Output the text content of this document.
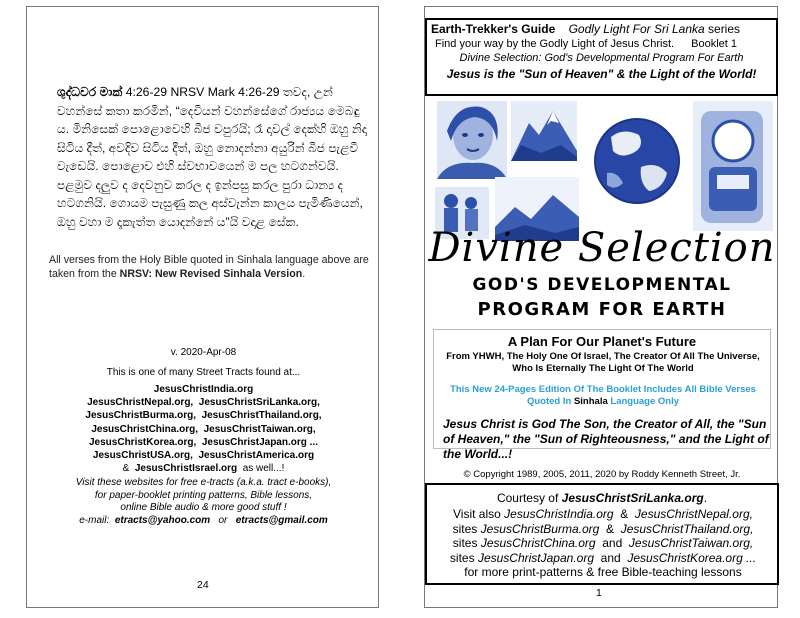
ශුද්ධවර මාක් 4:26-29 NRSV Mark 4:26-29 තවද, උන් වහන්සේ කතා කරමින්, “දෙවියන් වහන්සේගේ රාජ්‍යය මෙබඳු ය. මිනිසෙක් පොළොවෙහි බීජ වපුරයි; රෑ දාවල් දෙක්හි ඔහු නිදා සිටිය දීත්, අවදිව සිටිය දීත්, ඔහු නොදන්නා අයුරින් බීජ පැළවී වැඩෙයි. පොළොව එහි ස්වභාවයෙන් ම පල හටගන්වයි. පළමුව දලුව ද දෙවනුව කරල ද ඉන්පසු කරල පුරා ධාන්‍ය ද හටගනියි. ගොයම පැසුණු කල අස්වැන්න කාලය පැමිණියෙන්, ඔහු වහා ම දෑකැත්ත යොදන්නේ ය”යි වදාළ සේක.
All verses from the Holy Bible quoted in Sinhala language above are taken from the NRSV: New Revised Sinhala Version.
v. 2020-Apr-08
This is one of many Street Tracts found at...
JesusChristIndia.org
JesusChristNepal.org, JesusChristSriLanka.org,
JesusChristBurma.org, JesusChristThailand.org,
JesusChristChina.org, JesusChristTaiwan.org,
JesusChristKorea.org, JesusChristJapan.org ...
JesusChristUSA.org, JesusChristAmerica.org
& JesusChristIsrael.org as well...!
Visit these websites for free e-tracts (a.k.a. tract e-books),
for paper-booklet printing patterns, Bible lessons,
online Bible audio & more good stuff !
e-mail: etracts@yahoo.com or etracts@gmail.com
24
Earth-Trekker's Guide Godly Light For Sri Lanka series
Find your way by the Godly Light of Jesus Christ. Booklet 1
Divine Selection: God's Developmental Program For Earth
Jesus is the "Sun of Heaven" & the Light of the World!
Divine Selection
GOD'S DEVELOPMENTAL
PROGRAM FOR EARTH
A Plan For Our Planet's Future
From YHWH, The Holy One Of Israel, The Creator Of All The Universe, Who Is Eternally The Light Of The World
This New 24-Pages Edition Of The Booklet Includes All Bible Verses Quoted In Sinhala Language Only
Jesus Christ is God The Son, the Creator of All, the "Sun of Heaven," the "Sun of Righteousness," and the Light of the World...!
© Copyright 1989, 2005, 2011, 2020 by Roddy Kenneth Street, Jr.
Courtesy of JesusChristSriLanka.org.
Visit also JesusChristIndia.org & JesusChristNepal.org,
sites JesusChristBurma.org & JesusChristThailand.org,
sites JesusChristChina.org and JesusChristTaiwan.org,
sites JesusChristJapan.org and JesusChristKorea.org ...
for more print-patterns & free Bible-teaching lessons
1
